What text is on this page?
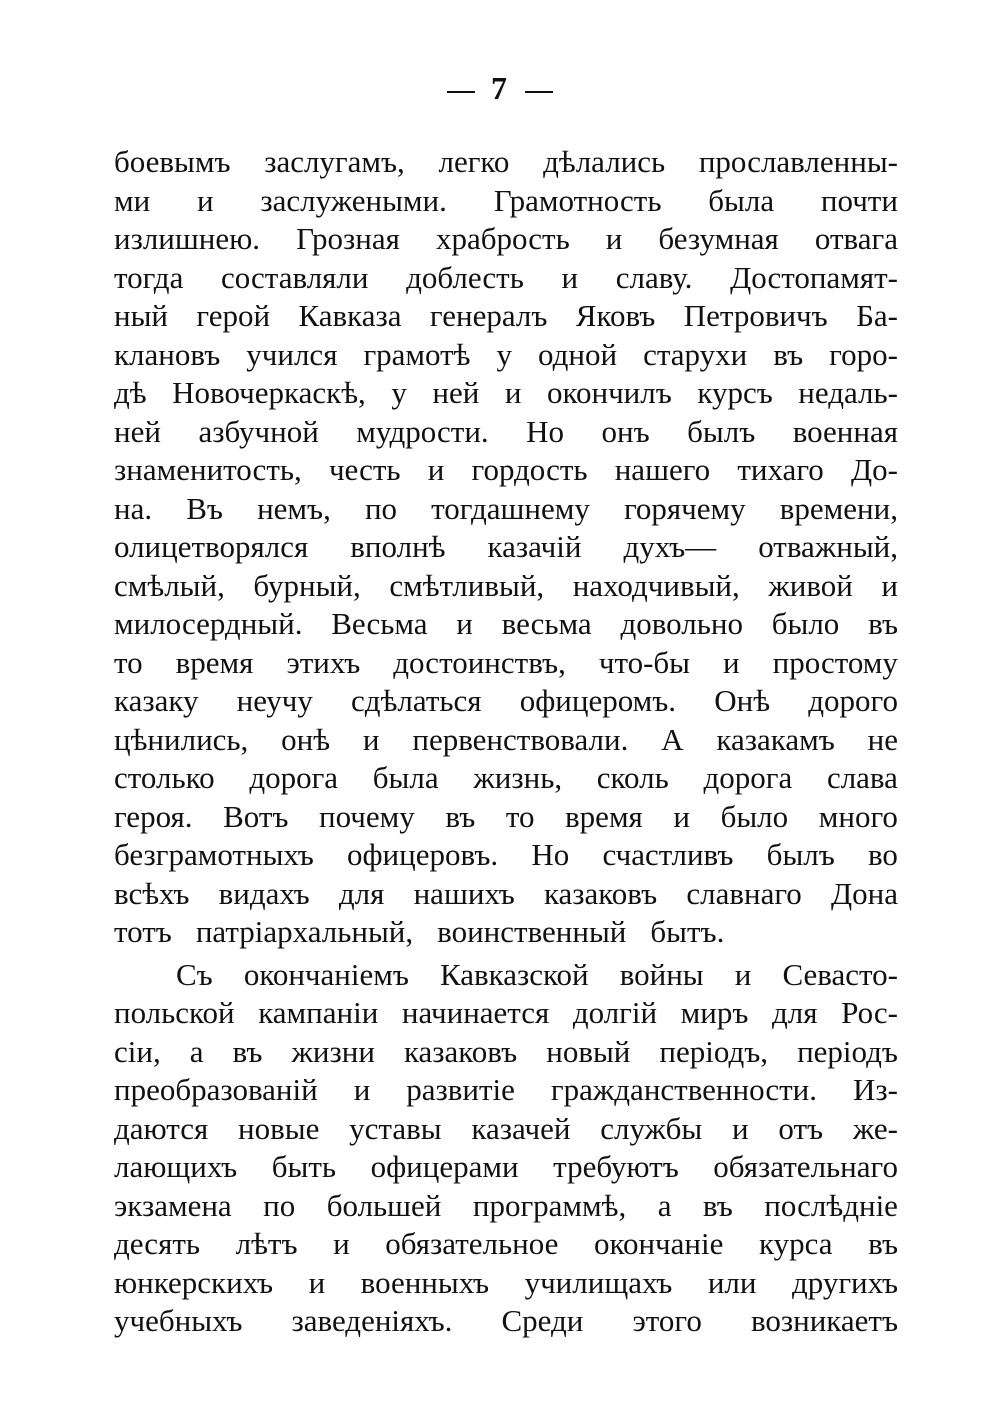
7
боевымъ заслугамъ, легко дѣлались прославленны-
ми и заслужеными. Грамотность была почти
излишнею. Грозная храбрость и безумная отвага
тогда составляли доблесть и славу. Достопамят-
ный герой Кавказа генералъ Яковъ Петровичъ Ба-
клановъ учился грамотѣ у одной старухи въ горо-
дѣ Новочеркаскѣ, у ней и окончилъ курсъ недаль-
ней азбучной мудрости. Но онъ былъ военная
знаменитость, честь и гордость нашего тихаго До-
на. Въ немъ, по тогдашнему горячему времени,
олицетворялся вполнѣ казачій духъ— отважный,
смѣлый, бурный, смѣтливый, находчивый, живой и
милосердный. Весьма и весьма довольно было въ
то время этихъ достоинствъ, что-бы и простому
казаку неучу сдѣлаться офицеромъ. Онѣ дорого
цѣнились, онѣ и первенствовали. А казакамъ не
столько дорога была жизнь, сколь дорога слава
героя. Вотъ почему въ то время и было много
безграмотныхъ офицеровъ. Но счастливъ былъ во
всѣхъ видахъ для нашихъ казаковъ славнаго Дона
тотъ патріархальный, воинственный бытъ.
Съ окончаніемъ Кавказской войны и Севасто-
польской кампаніи начинается долгій миръ для Рос-
сіи, а въ жизни казаковъ новый періодъ, періодъ
преобразованій и развитіе гражданственности. Из-
даются новые уставы казачей службы и отъ же-
лающихъ быть офицерами требуютъ обязательнаго
экзамена по большей программѣ, а въ послѣдніе
десять лѣтъ и обязательное окончаніе курса въ
юнкерскихъ и военныхъ училищахъ или другихъ
учебныхъ заведеніяхъ. Среди этого возникаетъ
